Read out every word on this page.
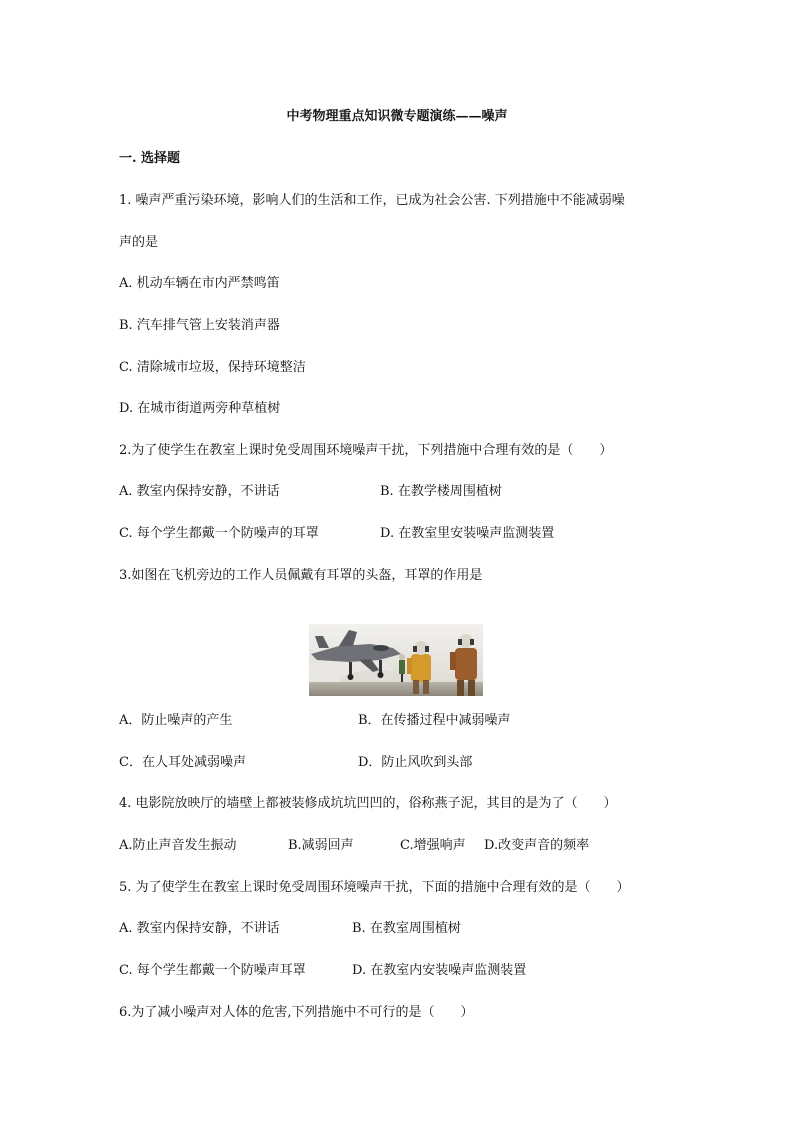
中考物理重点知识微专题演练——噪声
一. 选择题
1. 噪声严重污染环境，影响人们的生活和工作，已成为社会公害. 下列措施中不能减弱噪
声的是
A. 机动车辆在市内严禁鸣笛
B. 汽车排气管上安装消声器
C. 清除城市垃圾，保持环境整洁
D. 在城市街道两旁种草植树
2.为了使学生在教室上课时免受周围环境噪声干扰，下列措施中合理有效的是（　　）
A. 教室内保持安静，不讲话	B. 在教学楼周围植树
C. 每个学生都戴一个防噪声的耳罩	D. 在教室里安装噪声监测装置
3.如图在飞机旁边的工作人员佩戴有耳罩的头盔，耳罩的作用是
A．防止噪声的产生	B．在传播过程中减弱噪声
C．在人耳处减弱噪声	D．防止风吹到头部
4. 电影院放映厅的墙壁上都被装修成坑坑凹凹的，俗称燕子泥，其目的是为了（　　）
A.防止声音发生振动	B.减弱回声	C.增强响声 D.改变声音的频率
5. 为了使学生在教室上课时免受周围环境噪声干扰，下面的措施中合理有效的是（　　）
A. 教室内保持安静，不讲话	B. 在教室周围植树
C. 每个学生都戴一个防噪声耳罩	D. 在教室内安装噪声监测装置
6.为了减小噪声对人体的危害,下列措施中不可行的是（　　）
